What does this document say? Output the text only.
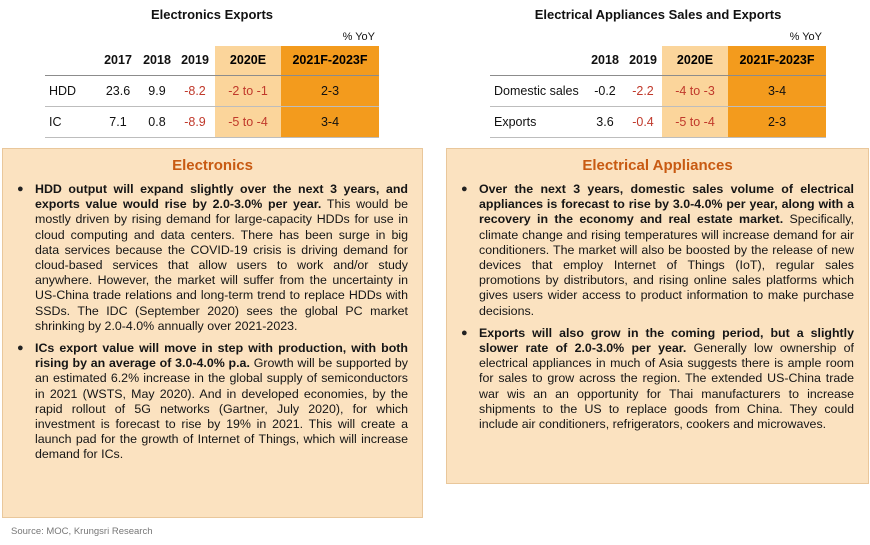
Electronics Exports
% YoY					
	2017	2018	2019	2020E	2021F-2023F
HDD	23.6	9.9	-8.2	-2 to -1	2-3
IC	7.1	0.8	-8.9	-5 to -4	3-4
Electrical Appliances Sales and Exports
% YoY				
	2018	2019	2020E	2021F-2023F
Domestic sales	-0.2	-2.2	-4 to -3	3-4
Exports	3.6	-0.4	-5 to -4	2-3
Electronics
● HDD output will expand slightly over the next 3 years, and exports value would rise by 2.0-3.0% per year. This would be mostly driven by rising demand for large-capacity HDDs for use in cloud computing and data centers. There has been surge in big data services because the COVID-19 crisis is driving demand for cloud-based services that allow users to work and/or study anywhere. However, the market will suffer from the uncertainty in US-China trade relations and long-term trend to replace HDDs with SSDs. The IDC (September 2020) sees the global PC market shrinking by 2.0-4.0% annually over 2021-2023.
● ICs export value will move in step with production, with both rising by an average of 3.0-4.0% p.a. Growth will be supported by an estimated 6.2% increase in the global supply of semiconductors in 2021 (WSTS, May 2020). And in developed economies, by the rapid rollout of 5G networks (Gartner, July 2020), for which investment is forecast to rise by 19% in 2021. This will create a launch pad for the growth of Internet of Things, which will increase demand for ICs.
Electrical Appliances
● Over the next 3 years, domestic sales volume of electrical appliances is forecast to rise by 3.0-4.0% per year, along with a recovery in the economy and real estate market. Specifically, climate change and rising temperatures will increase demand for air conditioners. The market will also be boosted by the release of new devices that employ Internet of Things (IoT), regular sales promotions by distributors, and rising online sales platforms which gives users wider access to product information to make purchase decisions.
● Exports will also grow in the coming period, but a slightly slower rate of 2.0-3.0% per year. Generally low ownership of electrical appliances in much of Asia suggests there is ample room for sales to grow across the region. The extended US-China trade war wis an an opportunity for Thai manufacturers to increase shipments to the US to replace goods from China. They could include air conditioners, refrigerators, cookers and microwaves.
Source: MOC, Krungsri Research
